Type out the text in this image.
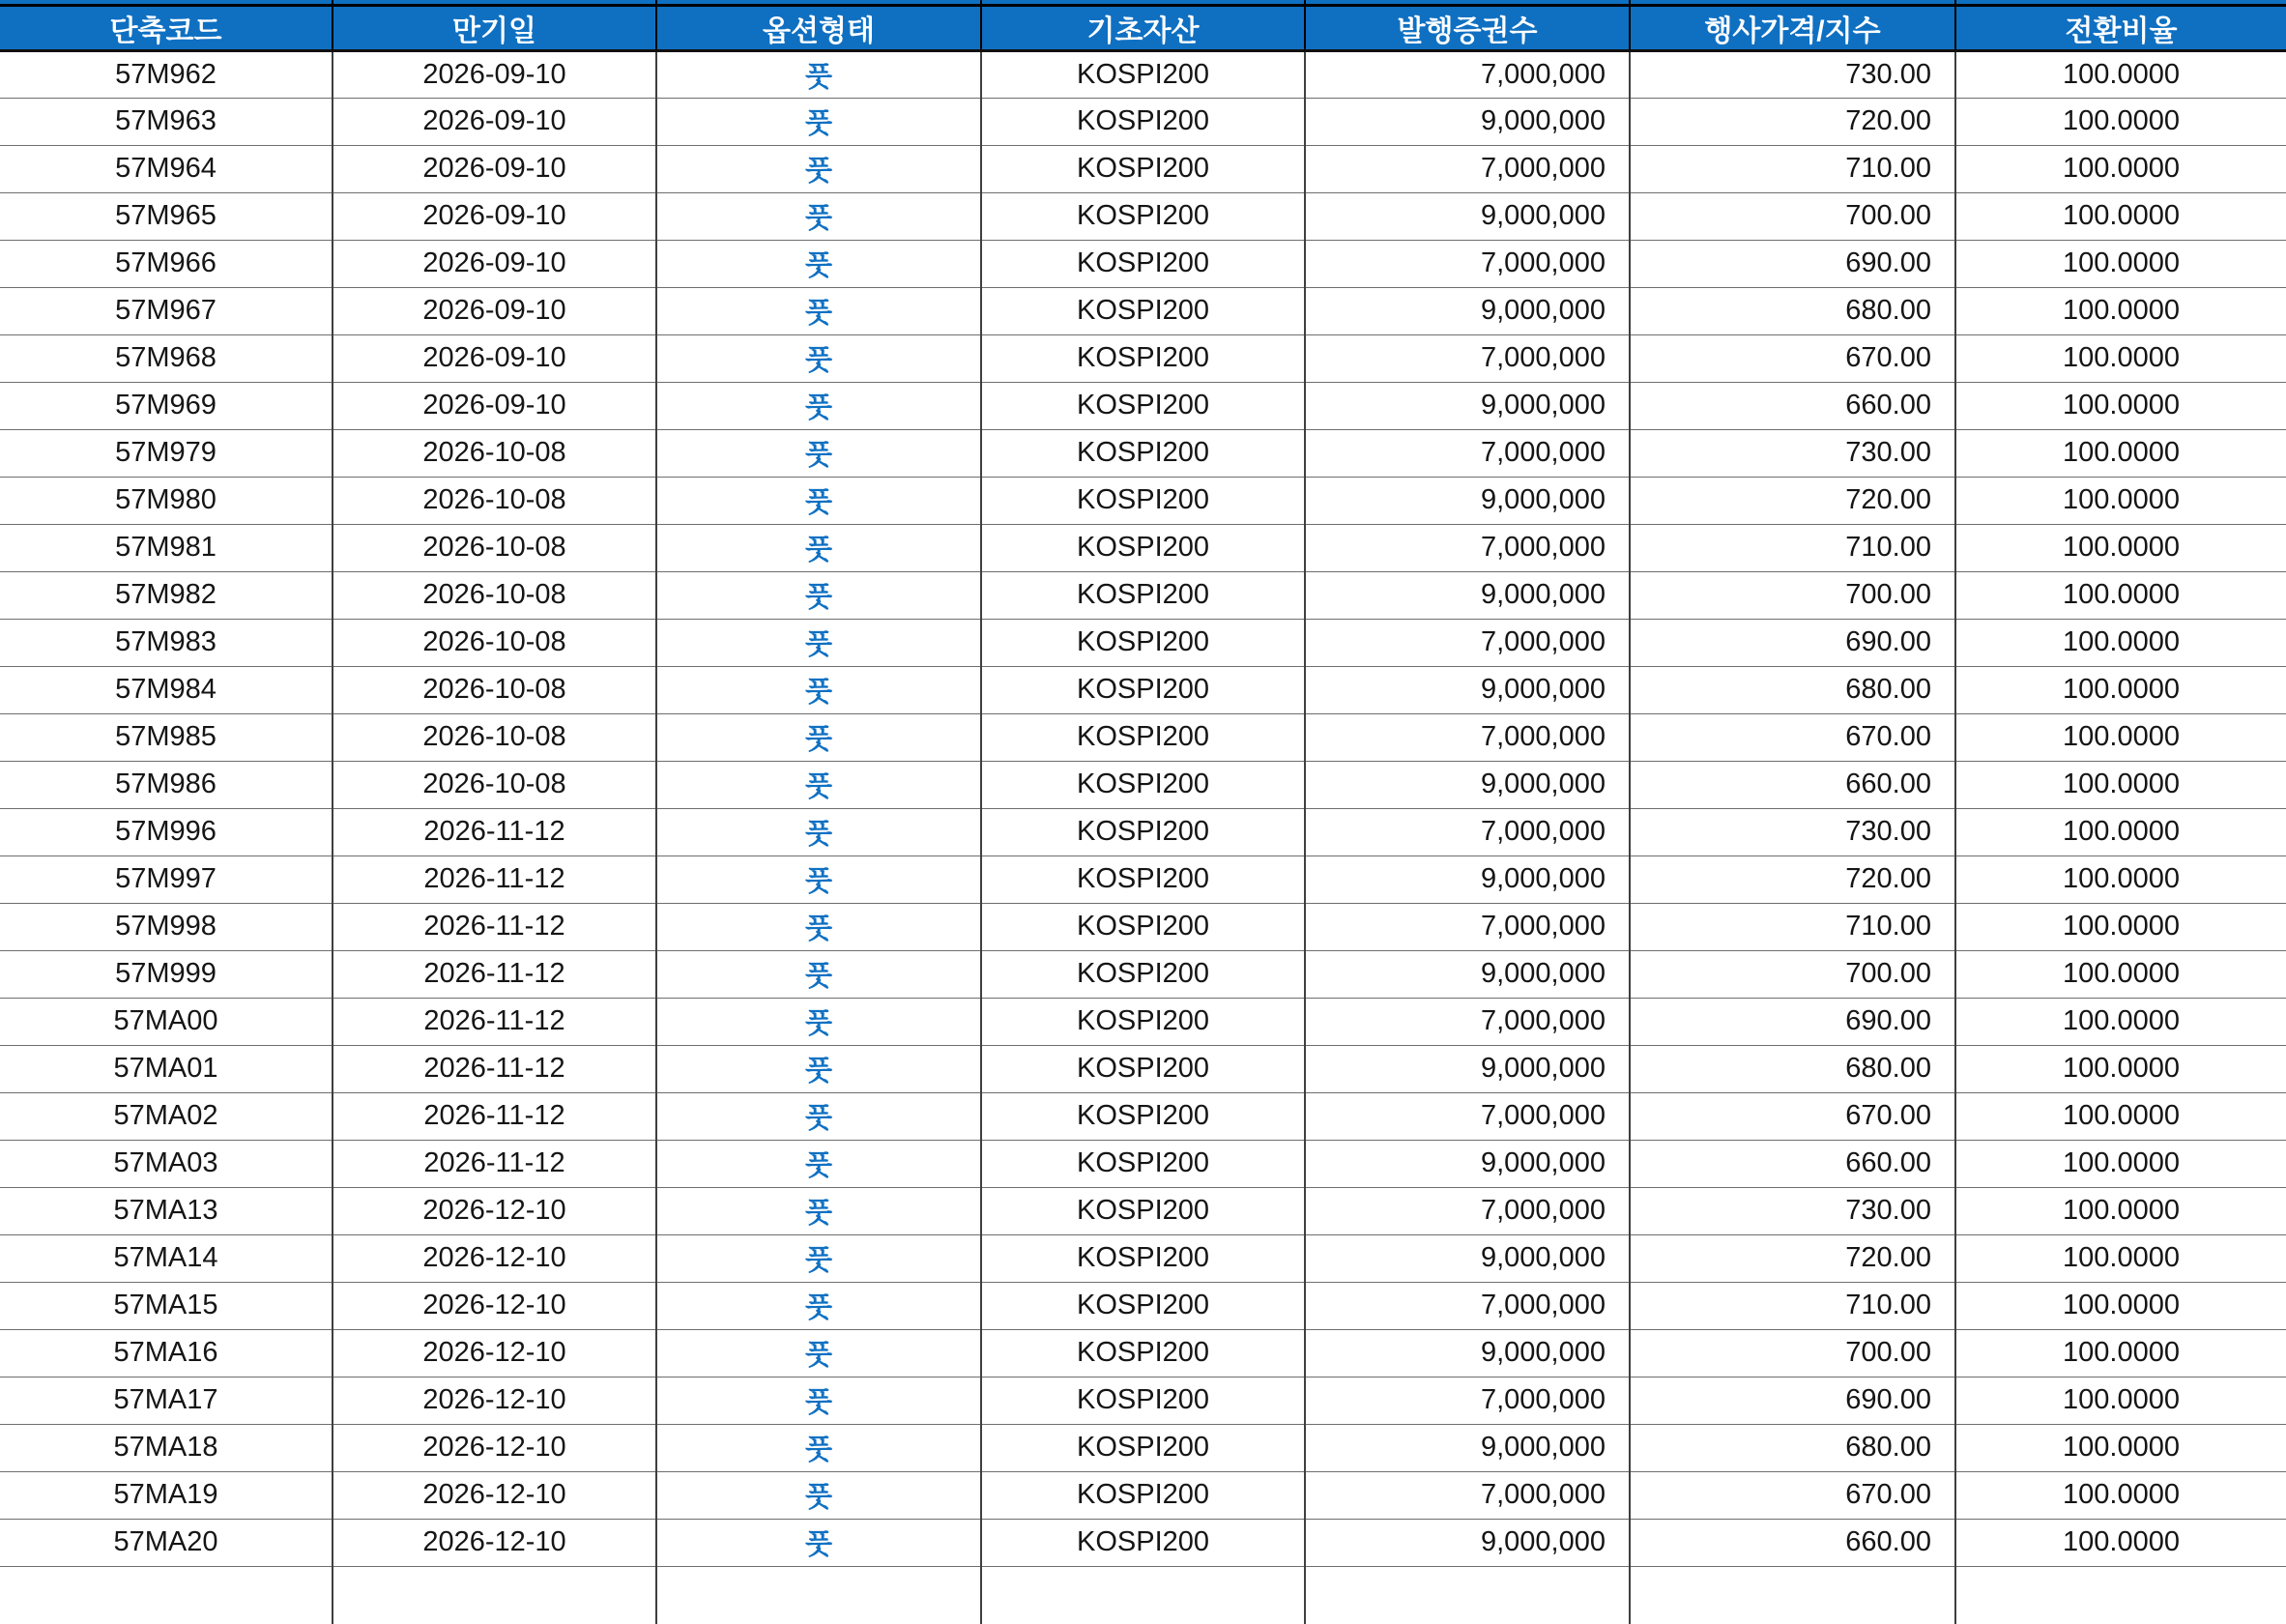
단축코드	만기일	옵션형태	기초자산	발행증권수	행사가격/지수	전환비율
57M962	2026-09-10	풋	KOSPI200	7,000,000	730.00	100.0000
57M963	2026-09-10	풋	KOSPI200	9,000,000	720.00	100.0000
57M964	2026-09-10	풋	KOSPI200	7,000,000	710.00	100.0000
57M965	2026-09-10	풋	KOSPI200	9,000,000	700.00	100.0000
57M966	2026-09-10	풋	KOSPI200	7,000,000	690.00	100.0000
57M967	2026-09-10	풋	KOSPI200	9,000,000	680.00	100.0000
57M968	2026-09-10	풋	KOSPI200	7,000,000	670.00	100.0000
57M969	2026-09-10	풋	KOSPI200	9,000,000	660.00	100.0000
57M979	2026-10-08	풋	KOSPI200	7,000,000	730.00	100.0000
57M980	2026-10-08	풋	KOSPI200	9,000,000	720.00	100.0000
57M981	2026-10-08	풋	KOSPI200	7,000,000	710.00	100.0000
57M982	2026-10-08	풋	KOSPI200	9,000,000	700.00	100.0000
57M983	2026-10-08	풋	KOSPI200	7,000,000	690.00	100.0000
57M984	2026-10-08	풋	KOSPI200	9,000,000	680.00	100.0000
57M985	2026-10-08	풋	KOSPI200	7,000,000	670.00	100.0000
57M986	2026-10-08	풋	KOSPI200	9,000,000	660.00	100.0000
57M996	2026-11-12	풋	KOSPI200	7,000,000	730.00	100.0000
57M997	2026-11-12	풋	KOSPI200	9,000,000	720.00	100.0000
57M998	2026-11-12	풋	KOSPI200	7,000,000	710.00	100.0000
57M999	2026-11-12	풋	KOSPI200	9,000,000	700.00	100.0000
57MA00	2026-11-12	풋	KOSPI200	7,000,000	690.00	100.0000
57MA01	2026-11-12	풋	KOSPI200	9,000,000	680.00	100.0000
57MA02	2026-11-12	풋	KOSPI200	7,000,000	670.00	100.0000
57MA03	2026-11-12	풋	KOSPI200	9,000,000	660.00	100.0000
57MA13	2026-12-10	풋	KOSPI200	7,000,000	730.00	100.0000
57MA14	2026-12-10	풋	KOSPI200	9,000,000	720.00	100.0000
57MA15	2026-12-10	풋	KOSPI200	7,000,000	710.00	100.0000
57MA16	2026-12-10	풋	KOSPI200	9,000,000	700.00	100.0000
57MA17	2026-12-10	풋	KOSPI200	7,000,000	690.00	100.0000
57MA18	2026-12-10	풋	KOSPI200	9,000,000	680.00	100.0000
57MA19	2026-12-10	풋	KOSPI200	7,000,000	670.00	100.0000
57MA20	2026-12-10	풋	KOSPI200	9,000,000	660.00	100.0000
